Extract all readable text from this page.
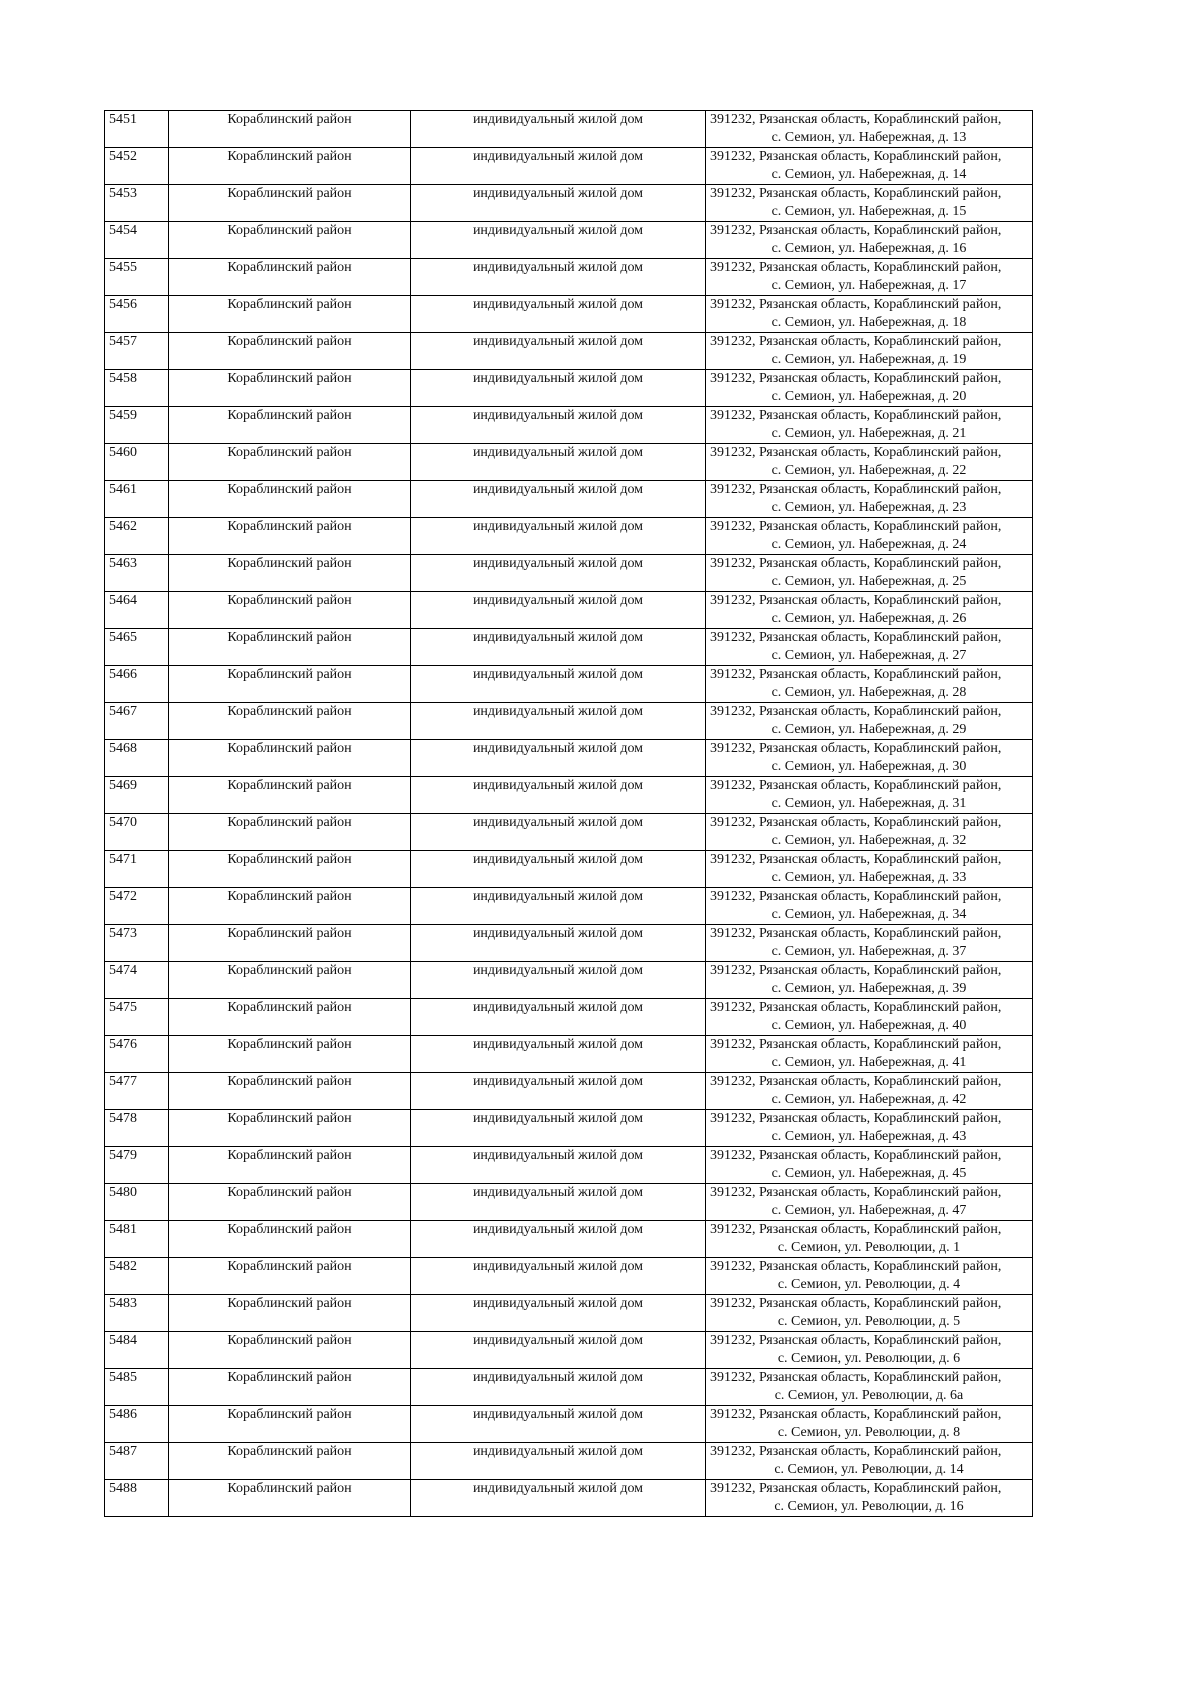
5451	Кораблинский район	индивидуальный жилой дом	391232, Рязанская область, Кораблинский район,
с. Семион, ул. Набережная, д. 13

5452	Кораблинский район	индивидуальный жилой дом	391232, Рязанская область, Кораблинский район,
с. Семион, ул. Набережная, д. 14

5453	Кораблинский район	индивидуальный жилой дом	391232, Рязанская область, Кораблинский район,
с. Семион, ул. Набережная, д. 15

5454	Кораблинский район	индивидуальный жилой дом	391232, Рязанская область, Кораблинский район,
с. Семион, ул. Набережная, д. 16

5455	Кораблинский район	индивидуальный жилой дом	391232, Рязанская область, Кораблинский район,
с. Семион, ул. Набережная, д. 17

5456	Кораблинский район	индивидуальный жилой дом	391232, Рязанская область, Кораблинский район,
с. Семион, ул. Набережная, д. 18

5457	Кораблинский район	индивидуальный жилой дом	391232, Рязанская область, Кораблинский район,
с. Семион, ул. Набережная, д. 19

5458	Кораблинский район	индивидуальный жилой дом	391232, Рязанская область, Кораблинский район,
с. Семион, ул. Набережная, д. 20

5459	Кораблинский район	индивидуальный жилой дом	391232, Рязанская область, Кораблинский район,
с. Семион, ул. Набережная, д. 21

5460	Кораблинский район	индивидуальный жилой дом	391232, Рязанская область, Кораблинский район,
с. Семион, ул. Набережная, д. 22

5461	Кораблинский район	индивидуальный жилой дом	391232, Рязанская область, Кораблинский район,
с. Семион, ул. Набережная, д. 23

5462	Кораблинский район	индивидуальный жилой дом	391232, Рязанская область, Кораблинский район,
с. Семион, ул. Набережная, д. 24

5463	Кораблинский район	индивидуальный жилой дом	391232, Рязанская область, Кораблинский район,
с. Семион, ул. Набережная, д. 25

5464	Кораблинский район	индивидуальный жилой дом	391232, Рязанская область, Кораблинский район,
с. Семион, ул. Набережная, д. 26

5465	Кораблинский район	индивидуальный жилой дом	391232, Рязанская область, Кораблинский район,
с. Семион, ул. Набережная, д. 27

5466	Кораблинский район	индивидуальный жилой дом	391232, Рязанская область, Кораблинский район,
с. Семион, ул. Набережная, д. 28

5467	Кораблинский район	индивидуальный жилой дом	391232, Рязанская область, Кораблинский район,
с. Семион, ул. Набережная, д. 29

5468	Кораблинский район	индивидуальный жилой дом	391232, Рязанская область, Кораблинский район,
с. Семион, ул. Набережная, д. 30

5469	Кораблинский район	индивидуальный жилой дом	391232, Рязанская область, Кораблинский район,
с. Семион, ул. Набережная, д. 31

5470	Кораблинский район	индивидуальный жилой дом	391232, Рязанская область, Кораблинский район,
с. Семион, ул. Набережная, д. 32

5471	Кораблинский район	индивидуальный жилой дом	391232, Рязанская область, Кораблинский район,
с. Семион, ул. Набережная, д. 33

5472	Кораблинский район	индивидуальный жилой дом	391232, Рязанская область, Кораблинский район,
с. Семион, ул. Набережная, д. 34

5473	Кораблинский район	индивидуальный жилой дом	391232, Рязанская область, Кораблинский район,
с. Семион, ул. Набережная, д. 37

5474	Кораблинский район	индивидуальный жилой дом	391232, Рязанская область, Кораблинский район,
с. Семион, ул. Набережная, д. 39

5475	Кораблинский район	индивидуальный жилой дом	391232, Рязанская область, Кораблинский район,
с. Семион, ул. Набережная, д. 40

5476	Кораблинский район	индивидуальный жилой дом	391232, Рязанская область, Кораблинский район,
с. Семион, ул. Набережная, д. 41

5477	Кораблинский район	индивидуальный жилой дом	391232, Рязанская область, Кораблинский район,
с. Семион, ул. Набережная, д. 42

5478	Кораблинский район	индивидуальный жилой дом	391232, Рязанская область, Кораблинский район,
с. Семион, ул. Набережная, д. 43

5479	Кораблинский район	индивидуальный жилой дом	391232, Рязанская область, Кораблинский район,
с. Семион, ул. Набережная, д. 45

5480	Кораблинский район	индивидуальный жилой дом	391232, Рязанская область, Кораблинский район,
с. Семион, ул. Набережная, д. 47

5481	Кораблинский район	индивидуальный жилой дом	391232, Рязанская область, Кораблинский район,
с. Семион, ул. Революции, д. 1

5482	Кораблинский район	индивидуальный жилой дом	391232, Рязанская область, Кораблинский район,
с. Семион, ул. Революции, д. 4

5483	Кораблинский район	индивидуальный жилой дом	391232, Рязанская область, Кораблинский район,
с. Семион, ул. Революции, д. 5

5484	Кораблинский район	индивидуальный жилой дом	391232, Рязанская область, Кораблинский район,
с. Семион, ул. Революции, д. 6

5485	Кораблинский район	индивидуальный жилой дом	391232, Рязанская область, Кораблинский район,
с. Семион, ул. Революции, д. 6а

5486	Кораблинский район	индивидуальный жилой дом	391232, Рязанская область, Кораблинский район,
с. Семион, ул. Революции, д. 8

5487	Кораблинский район	индивидуальный жилой дом	391232, Рязанская область, Кораблинский район,
с. Семион, ул. Революции, д. 14

5488	Кораблинский район	индивидуальный жилой дом	391232, Рязанская область, Кораблинский район,
с. Семион, ул. Революции, д. 16
